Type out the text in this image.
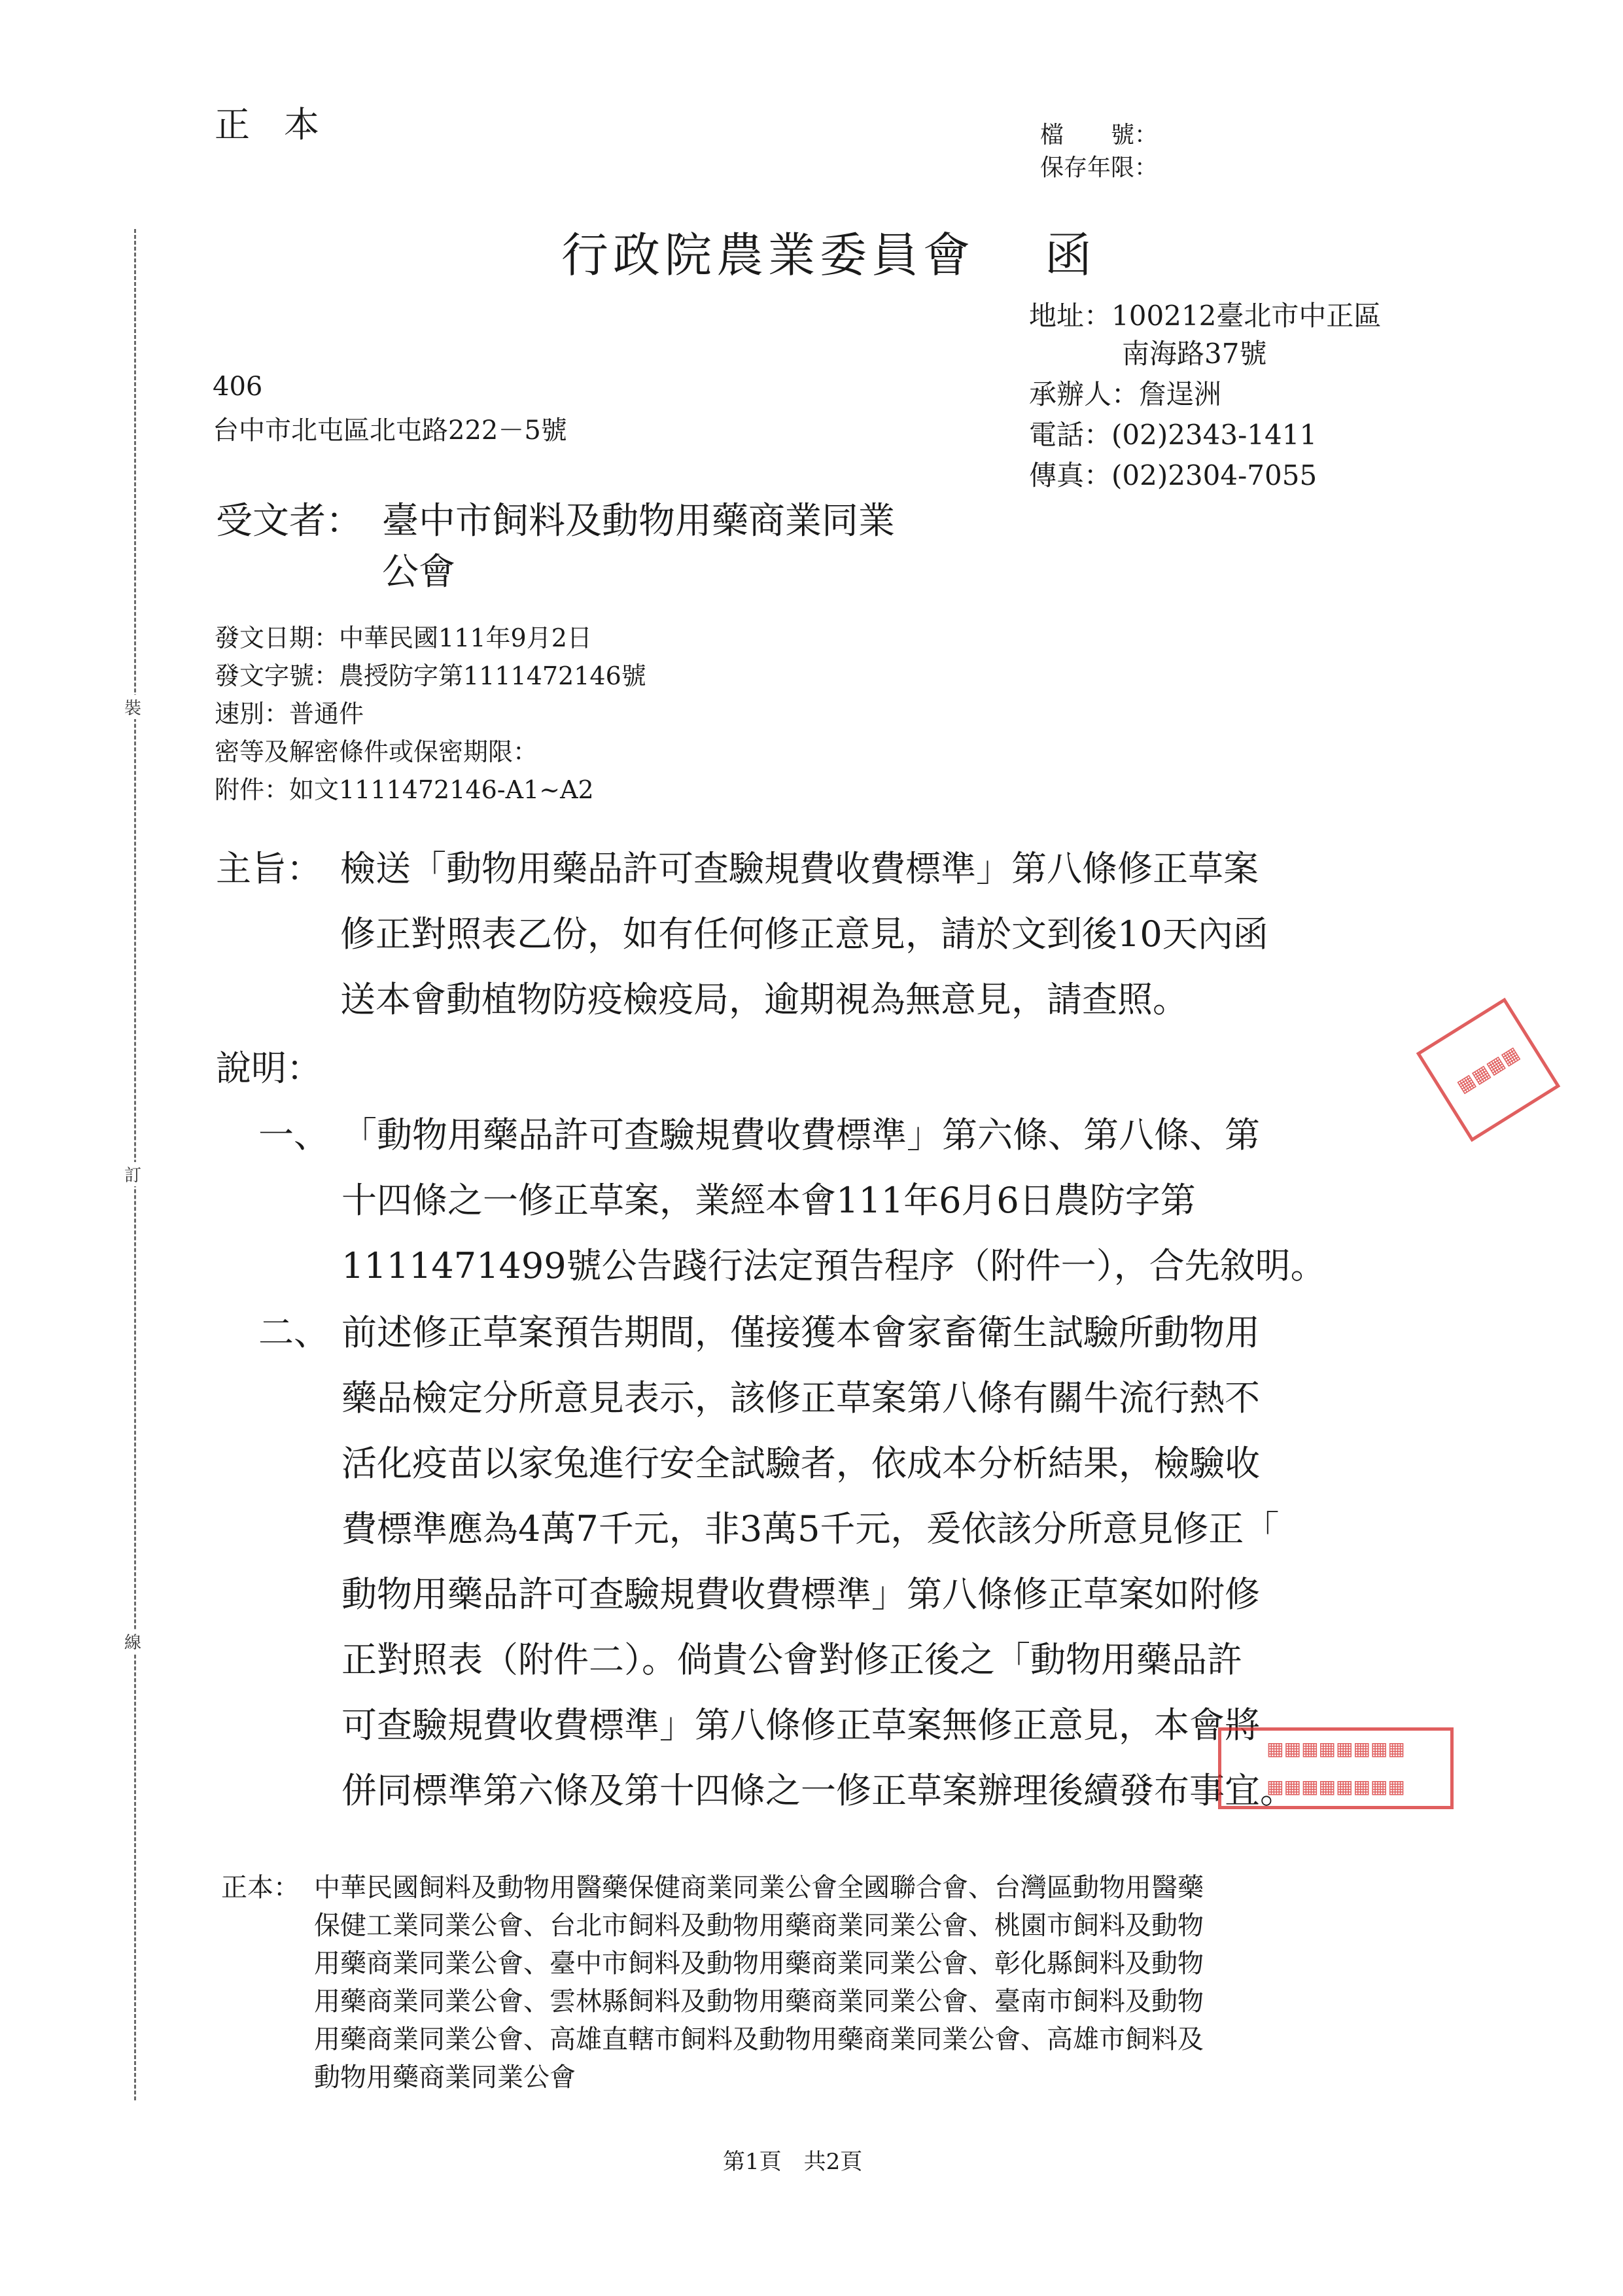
裝
訂
線
正本	檔　　號：
保存年限：
行政院農業委員會 函
地址：100212臺北市中正區
南海路37號
承辦人：詹逞洲
電話：(02)2343-1411
傳真：(02)2304-7055
406
台中市北屯區北屯路222－5號
受文者： 臺中市飼料及動物用藥商業同業
公會
發文日期：中華民國111年9月2日
發文字號：農授防字第1111472146號
速別：普通件
密等及解密條件或保密期限：
附件：如文1111472146-A1~A2
主旨： 檢送「動物用藥品許可查驗規費收費標準」第八條修正草案
修正對照表乙份，如有任何修正意見，請於文到後10天內函
送本會動植物防疫檢疫局，逾期視為無意見，請查照。
說明：
一、 「動物用藥品許可查驗規費收費標準」第六條、第八條、第
十四條之一修正草案，業經本會111年6月6日農防字第
1111471499號公告踐行法定預告程序（附件一），合先敘明。
二、 前述修正草案預告期間，僅接獲本會家畜衛生試驗所動物用
藥品檢定分所意見表示，該修正草案第八條有關牛流行熱不
活化疫苗以家兔進行安全試驗者，依成本分析結果，檢驗收
費標準應為4萬7千元，非3萬5千元，爰依該分所意見修正「
動物用藥品許可查驗規費收費標準」第八條修正草案如附修
正對照表（附件二）。倘貴公會對修正後之「動物用藥品許
可查驗規費收費標準」第八條修正草案無修正意見，本會將
併同標準第六條及第十四條之一修正草案辦理後續發布事宜。
▦▦
▦▦
▦▦▦▦▦▦▦▦
▦▦▦▦▦▦▦▦
正本： 中華民國飼料及動物用醫藥保健商業同業公會全國聯合會、台灣區動物用醫藥
保健工業同業公會、台北市飼料及動物用藥商業同業公會、桃園市飼料及動物
用藥商業同業公會、臺中市飼料及動物用藥商業同業公會、彰化縣飼料及動物
用藥商業同業公會、雲林縣飼料及動物用藥商業同業公會、臺南市飼料及動物
用藥商業同業公會、高雄直轄市飼料及動物用藥商業同業公會、高雄市飼料及
動物用藥商業同業公會
第1頁　共2頁
